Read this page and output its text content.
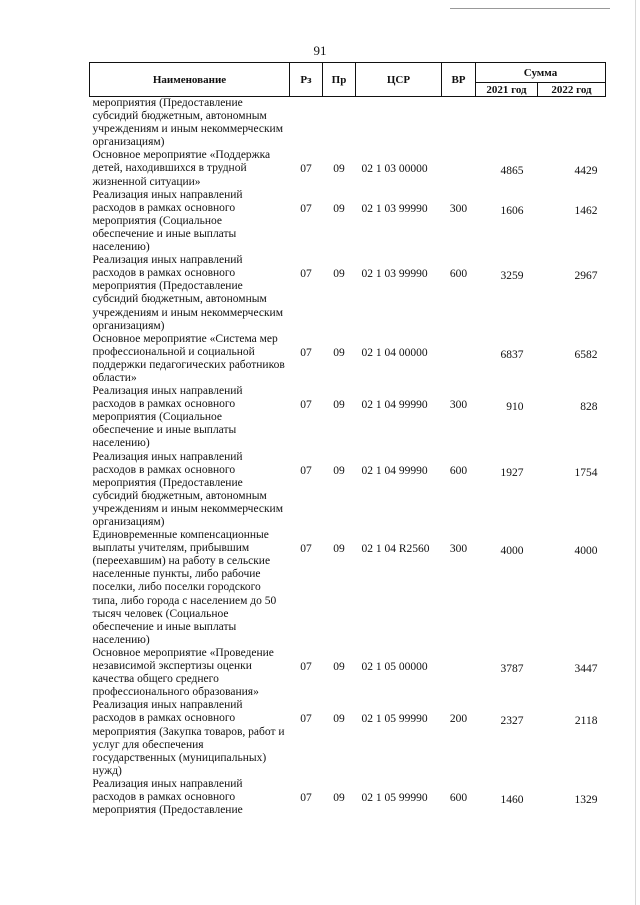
91
Наименование	Рз	Пр	ЦСР	ВР	Сумма	
					2021 год	2022 год
мероприятия (Предоставление субсидий бюджетным, автономным учреждениям и иным некоммерческим организациям)						
Основное мероприятие «Поддержка детей, находившихся в трудной жизненной ситуации»	07	09	02 1 03 00000		4865	4429
Реализация иных направлений расходов в рамках основного мероприятия (Социальное обеспечение и иные выплаты населению)	07	09	02 1 03 99990	300	1606	1462
Реализация иных направлений расходов в рамках основного мероприятия (Предоставление субсидий бюджетным, автономным учреждениям и иным некоммерческим организациям)	07	09	02 1 03 99990	600	3259	2967
Основное мероприятие «Система мер профессиональной и социальной поддержки педагогических работников области»	07	09	02 1 04 00000		6837	6582
Реализация иных направлений расходов в рамках основного мероприятия (Социальное обеспечение и иные выплаты населению)	07	09	02 1 04 99990	300	910	828
Реализация иных направлений расходов в рамках основного мероприятия (Предоставление субсидий бюджетным, автономным учреждениям и иным некоммерческим организациям)	07	09	02 1 04 99990	600	1927	1754
Единовременные компенсационные выплаты учителям, прибывшим (переехавшим) на работу в сельские населенные пункты, либо рабочие поселки, либо поселки городского типа, либо города с населением до 50 тысяч человек (Социальное обеспечение и иные выплаты населению)	07	09	02 1 04 R2560	300	4000	4000
Основное мероприятие «Проведение независимой экспертизы оценки качества общего среднего профессионального образования»	07	09	02 1 05 00000		3787	3447
Реализация иных направлений расходов в рамках основного мероприятия (Закупка товаров, работ и услуг для обеспечения государственных (муниципальных) нужд)	07	09	02 1 05 99990	200	2327	2118
Реализация иных направлений расходов в рамках основного мероприятия (Предоставление	07	09	02 1 05 99990	600	1460	1329
